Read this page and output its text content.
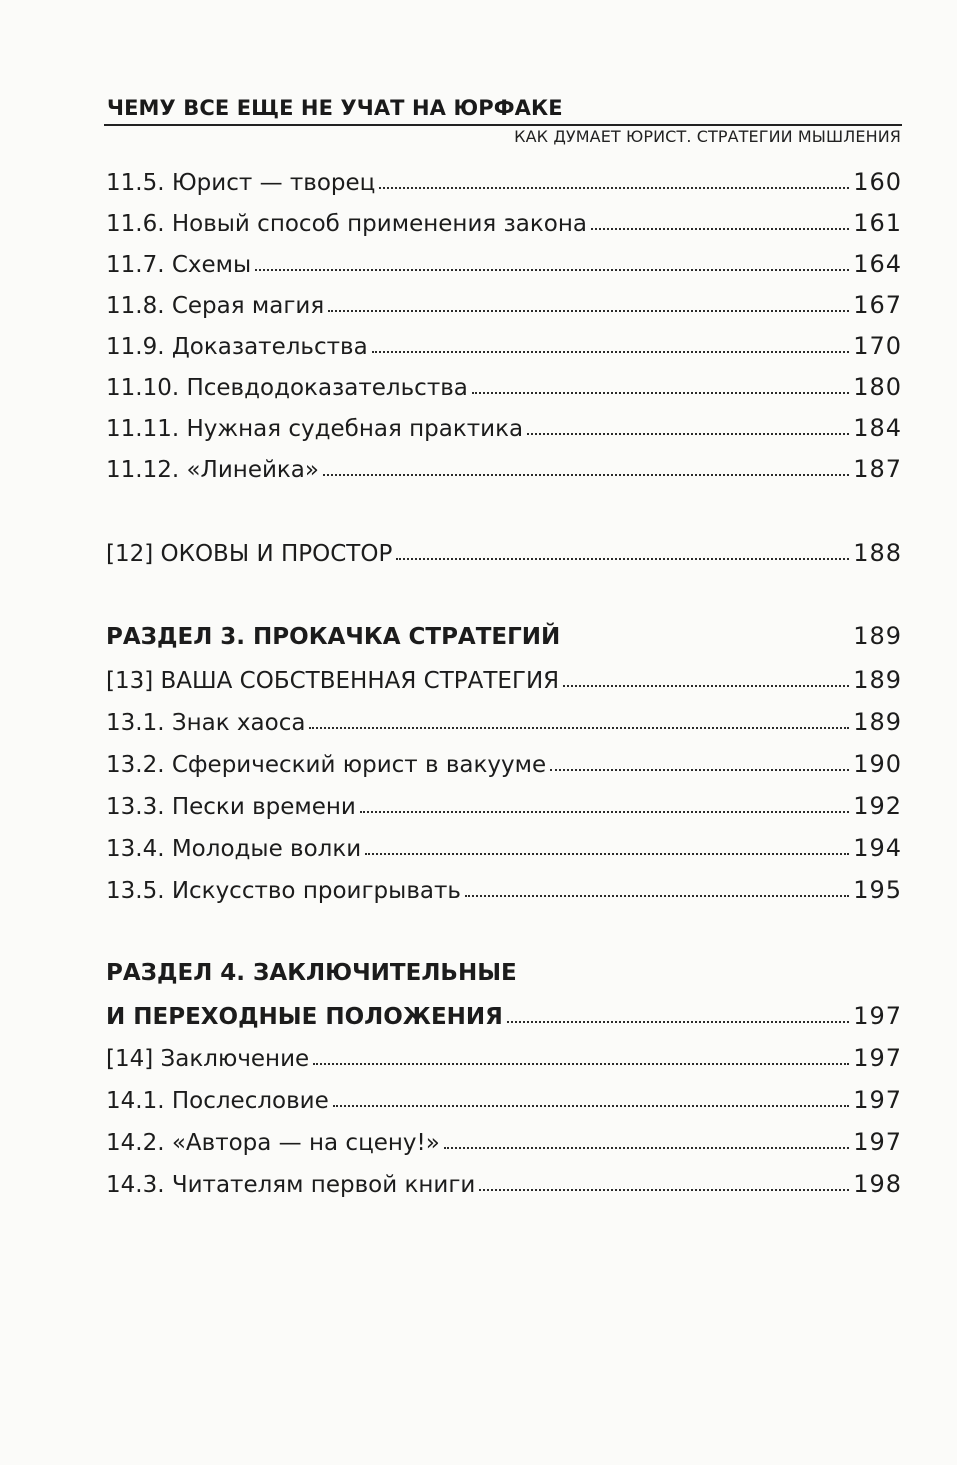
ЧЕМУ ВСЕ ЕЩЕ НЕ УЧАТ НА ЮРФАКЕ
КАК ДУМАЕТ ЮРИСТ. СТРАТЕГИИ МЫШЛЕНИЯ
11.5. Юрист — творец	160
11.6. Новый способ применения закона	161
11.7. Схемы	164
11.8. Серая магия	167
11.9. Доказательства	170
11.10. Псевдодоказательства	180
11.11. Нужная судебная практика	184
11.12. «Линейка»	187
[12] ОКОВЫ И ПРОСТОР	188
РАЗДЕЛ 3. ПРОКАЧКА СТРАТЕГИЙ	189
[13] ВАША СОБСТВЕННАЯ СТРАТЕГИЯ	189
13.1. Знак хаоса	189
13.2. Сферический юрист в вакууме	190
13.3. Пески времени	192
13.4. Молодые волки	194
13.5. Искусство проигрывать	195
РАЗДЕЛ 4. ЗАКЛЮЧИТЕЛЬНЫЕ
И ПЕРЕХОДНЫЕ ПОЛОЖЕНИЯ	197
[14] Заключение	197
14.1. Послесловие	197
14.2. «Автора — на сцену!»	197
14.3. Читателям первой книги	198
